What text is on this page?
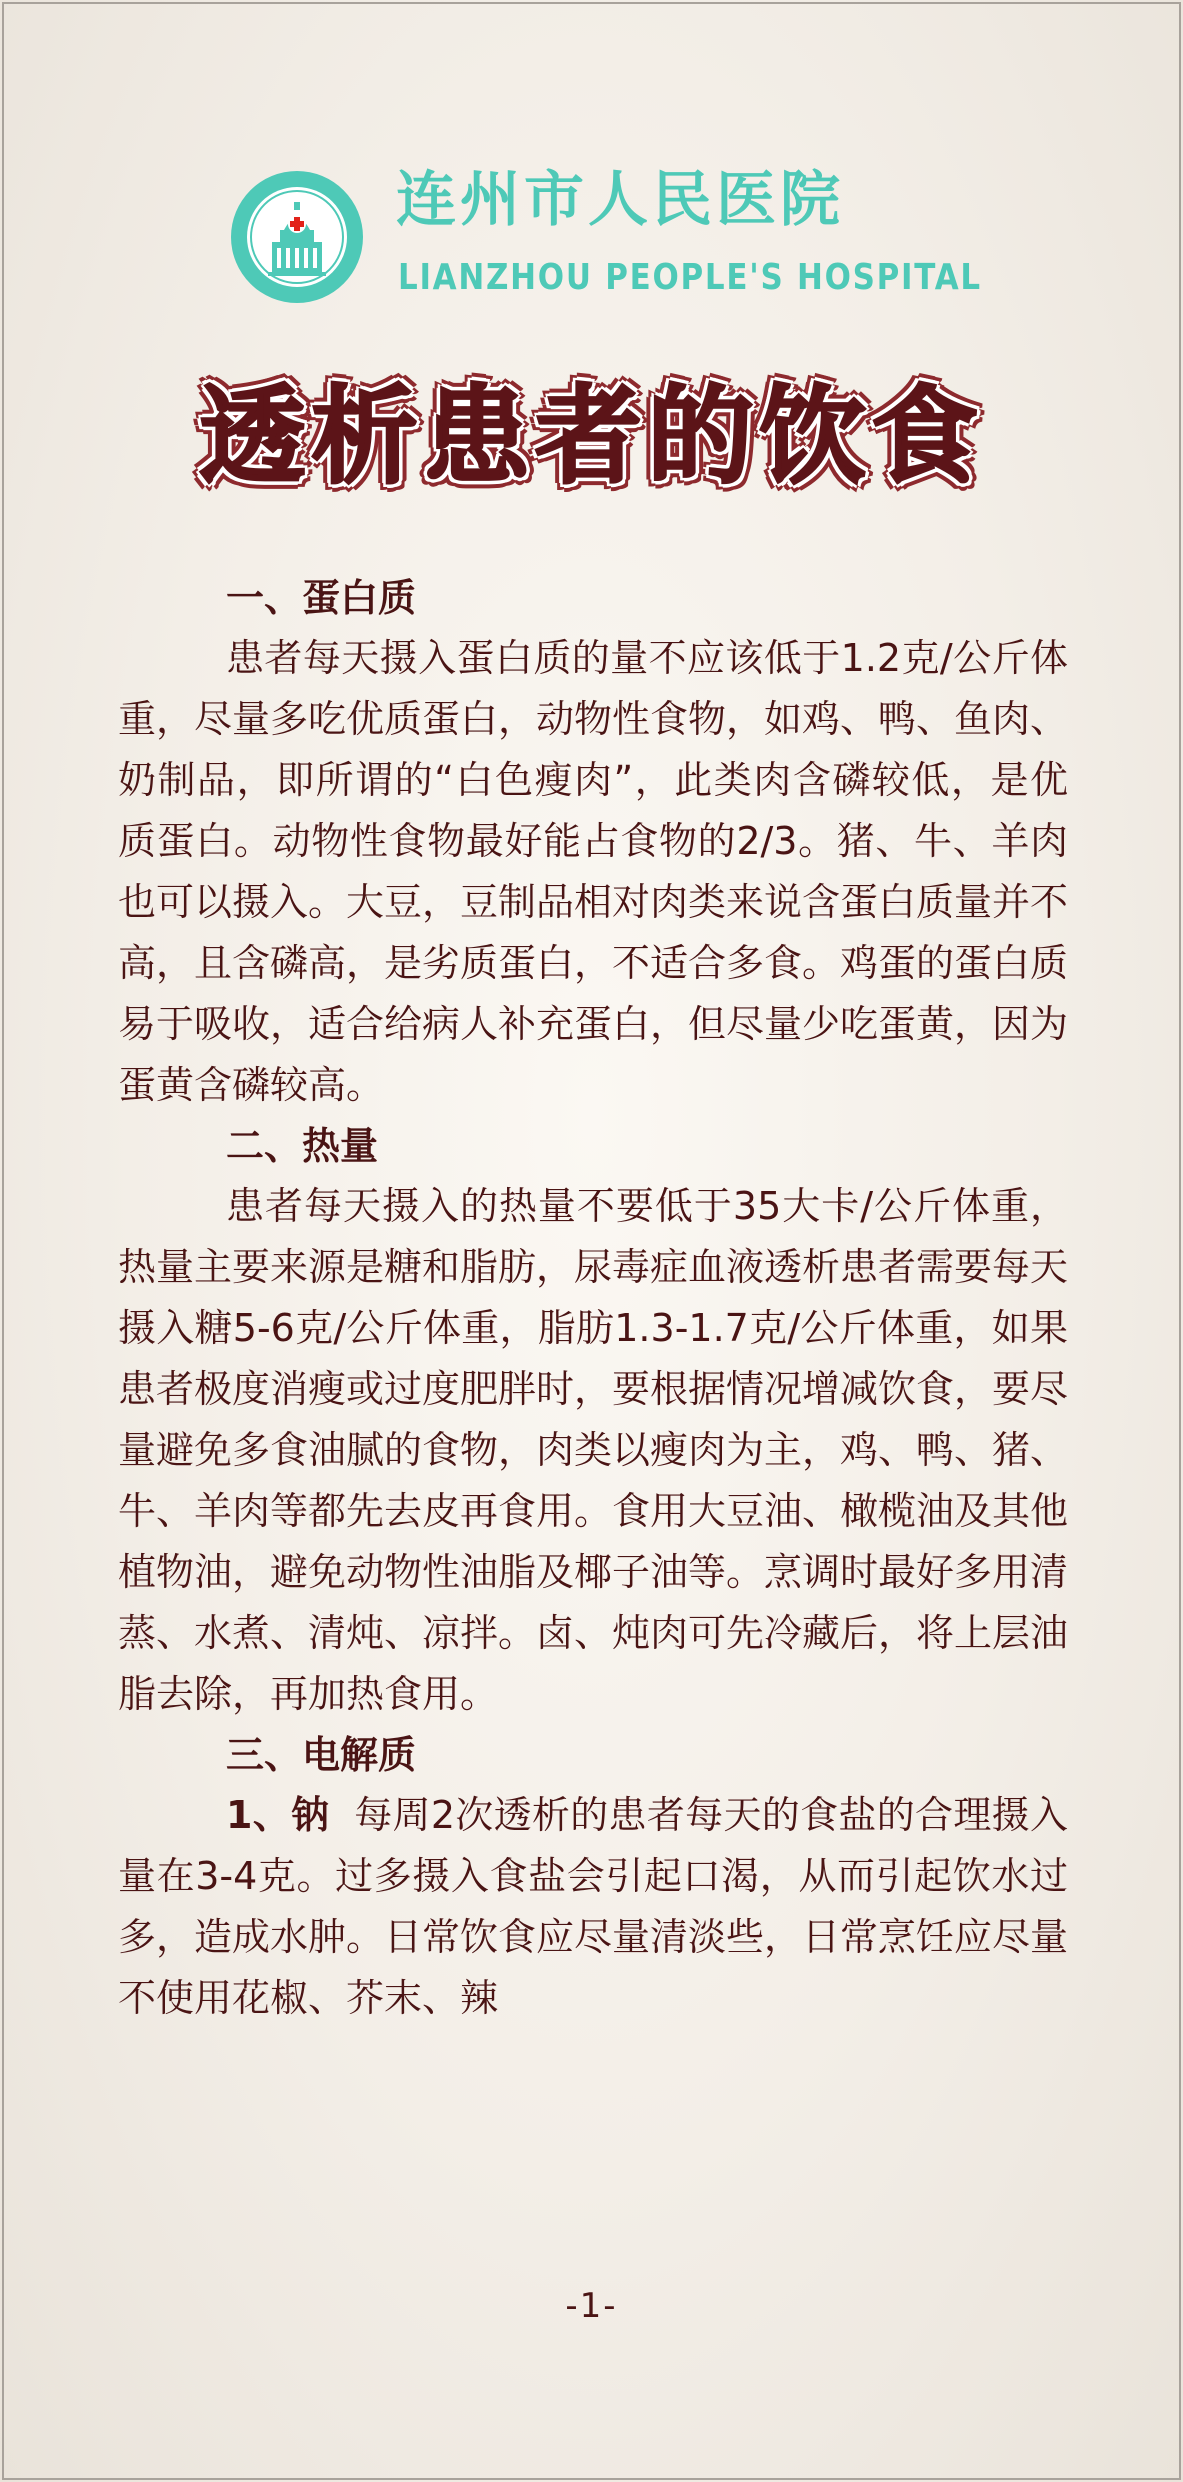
连州市人民医院
LIANZHOU PEOPLE'S HOSPITAL
透析患者的饮食
一、蛋白质

患者每天摄入蛋白质的量不应该低于1.2克/公斤体重，尽量多吃优质蛋白，动物性食物，如鸡、鸭、鱼肉、奶制品，即所谓的“白色瘦肉”，此类肉含磷较低，是优质蛋白。动物性食物最好能占食物的2/3。猪、牛、羊肉也可以摄入。大豆，豆制品相对肉类来说含蛋白质量并不高，且含磷高，是劣质蛋白，不适合多食。鸡蛋的蛋白质易于吸收，适合给病人补充蛋白，但尽量少吃蛋黄，因为蛋黄含磷较高。

二、热量

患者每天摄入的热量不要低于35大卡/公斤体重，热量主要来源是糖和脂肪，尿毒症血液透析患者需要每天摄入糖5-6克/公斤体重，脂肪1.3-1.7克/公斤体重，如果患者极度消瘦或过度肥胖时，要根据情况增减饮食，要尽量避免多食油腻的食物，肉类以瘦肉为主，鸡、鸭、猪、牛、羊肉等都先去皮再食用。食用大豆油、橄榄油及其他植物油，避免动物性油脂及椰子油等。烹调时最好多用清蒸、水煮、清炖、凉拌。卤、炖肉可先冷藏后，将上层油脂去除，再加热食用。

三、电解质

1、钠 每周2次透析的患者每天的食盐的合理摄入量在3-4克。过多摄入食盐会引起口渴，从而引起饮水过多，造成水肿。日常饮食应尽量清淡些，日常烹饪应尽量不使用花椒、芥末、辣

-1-
